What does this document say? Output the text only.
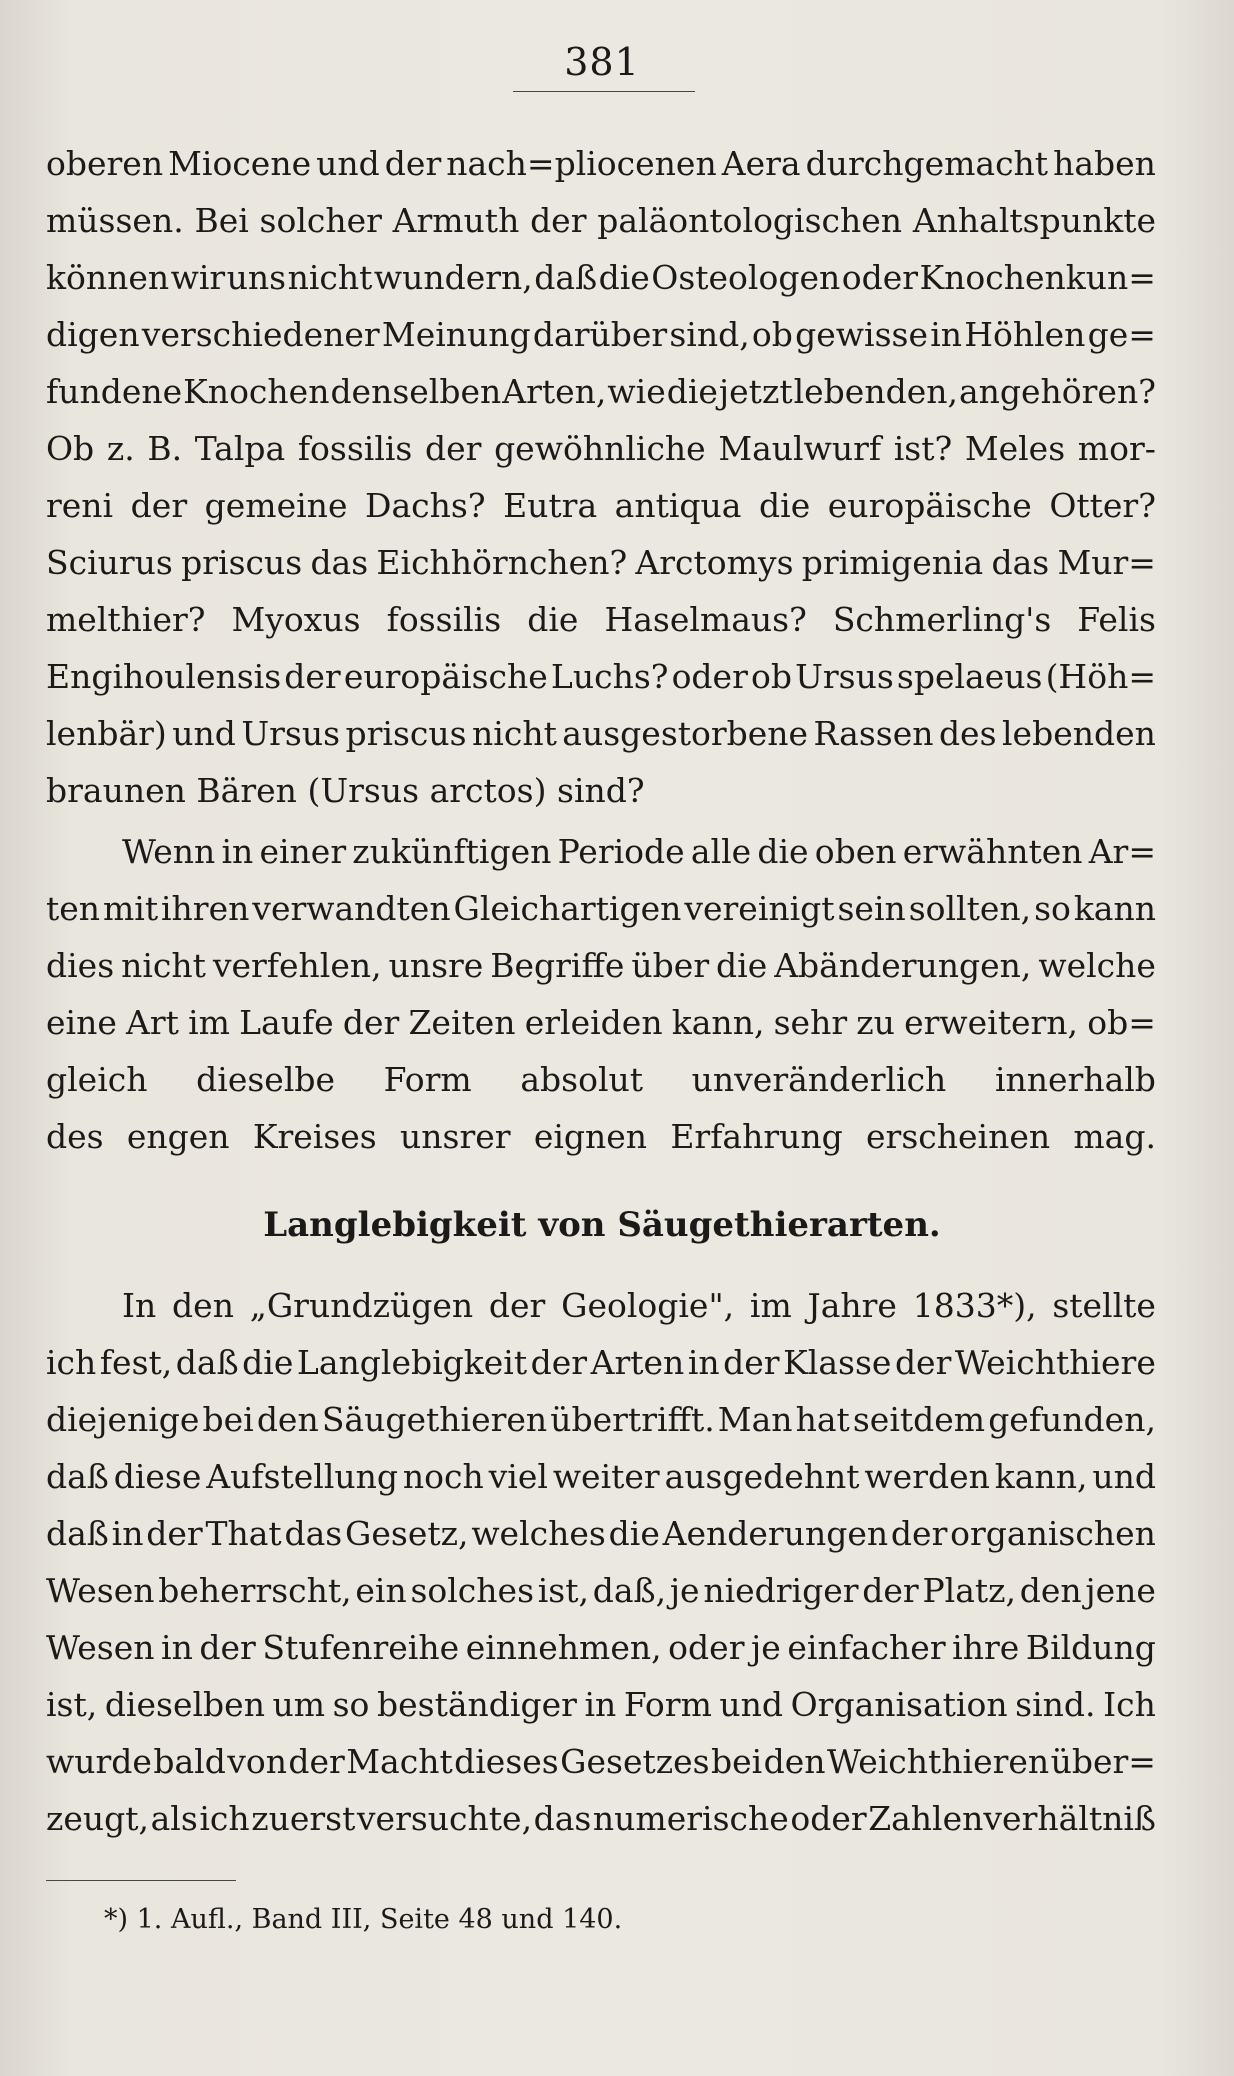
381
oberen Miocene und der nach=pliocenen Aera durchgemacht haben
müssen. Bei solcher Armuth der paläontologischen Anhaltspunkte
können wir uns nicht wundern, daß die Osteologen oder Knochenkun=
digen verschiedener Meinung darüber sind, ob gewisse in Höhlen ge=
fundene Knochen denselben Arten, wie die jetzt lebenden, angehören?
Ob z. B. Talpa fossilis der gewöhnliche Maulwurf ist? Meles mor-
reni der gemeine Dachs? Eutra antiqua die europäische Otter?
Sciurus priscus das Eichhörnchen? Arctomys primigenia das Mur=
melthier? Myoxus fossilis die Haselmaus? Schmerling's Felis
Engihoulensis der europäische Luchs? oder ob Ursus spelaeus (Höh=
lenbär) und Ursus priscus nicht ausgestorbene Rassen des lebenden
braunen Bären (Ursus arctos) sind?
Wenn in einer zukünftigen Periode alle die oben erwähnten Ar=
ten mit ihren verwandten Gleichartigen vereinigt sein sollten, so kann
dies nicht verfehlen, unsre Begriffe über die Abänderungen, welche
eine Art im Laufe der Zeiten erleiden kann, sehr zu erweitern, ob=
gleich dieselbe Form absolut unveränderlich innerhalb
des engen Kreises unsrer eignen Erfahrung erscheinen mag.
Langlebigkeit von Säugethierarten.
In den „Grundzügen der Geologie", im Jahre 1833*), stellte
ich fest, daß die Langlebigkeit der Arten in der Klasse der Weichthiere
diejenige bei den Säugethieren übertrifft. Man hat seitdem gefunden,
daß diese Aufstellung noch viel weiter ausgedehnt werden kann, und
daß in der That das Gesetz, welches die Aenderungen der organischen
Wesen beherrscht, ein solches ist, daß, je niedriger der Platz, den jene
Wesen in der Stufenreihe einnehmen, oder je einfacher ihre Bildung
ist, dieselben um so beständiger in Form und Organisation sind. Ich
wurde bald von der Macht dieses Gesetzes bei den Weichthieren über=
zeugt, als ich zuerst versuchte, das numerische oder Zahlenverhältniß
*) 1. Aufl., Band III, Seite 48 und 140.
